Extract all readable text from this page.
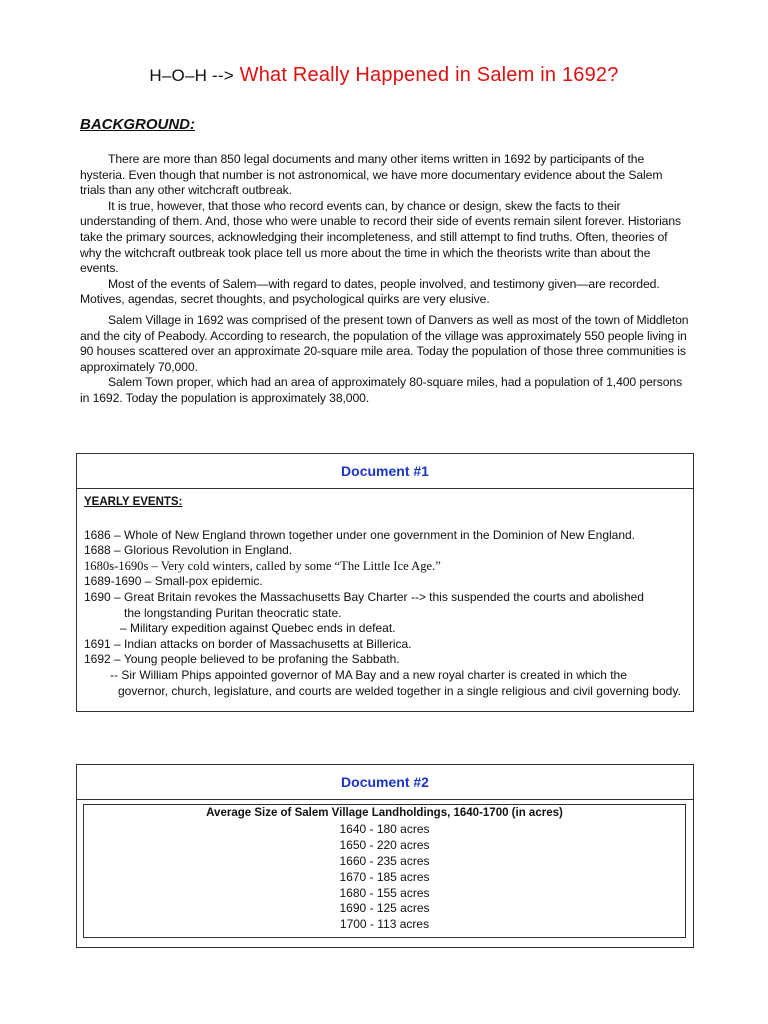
H–O–H --> What Really Happened in Salem in 1692?
BACKGROUND:

There are more than 850 legal documents and many other items written in 1692 by participants of the hysteria. Even though that number is not astronomical, we have more documentary evidence about the Salem trials than any other witchcraft outbreak.

It is true, however, that those who record events can, by chance or design, skew the facts to their understanding of them. And, those who were unable to record their side of events remain silent forever. Historians take the primary sources, acknowledging their incompleteness, and still attempt to find truths. Often, theories of why the witchcraft outbreak took place tell us more about the time in which the theorists write than about the events.

Most of the events of Salem—with regard to dates, people involved, and testimony given—are recorded. Motives, agendas, secret thoughts, and psychological quirks are very elusive.

Salem Village in 1692 was comprised of the present town of Danvers as well as most of the town of Middleton and the city of Peabody. According to research, the population of the village was approximately 550 people living in 90 houses scattered over an approximate 20-square mile area. Today the population of those three communities is approximately 70,000.

Salem Town proper, which had an area of approximately 80-square miles, had a population of 1,400 persons in 1692. Today the population is approximately 38,000.

Document #1
YEARLY EVENTS:

1686 – Whole of New England thrown together under one government in the Dominion of New England.

1688 – Glorious Revolution in England.

1680s-1690s – Very cold winters, called by some “The Little Ice Age.”

1689-1690 – Small-pox epidemic.

1690 – Great Britain revokes the Massachusetts Bay Charter --> this suspended the courts and abolished

the longstanding Puritan theocratic state.

– Military expedition against Quebec ends in defeat.

1691 – Indian attacks on border of Massachusetts at Billerica.

1692 – Young people believed to be profaning the Sabbath.

-- Sir William Phips appointed governor of MA Bay and a new royal charter is created in which the

governor, church, legislature, and courts are welded together in a single religious and civil governing body.

Document #2
Average Size of Salem Village Landholdings, 1640-1700 (in acres)

1640 - 180 acres

1650 - 220 acres

1660 - 235 acres

1670 - 185 acres

1680 - 155 acres

1690 - 125 acres

1700 - 113 acres
